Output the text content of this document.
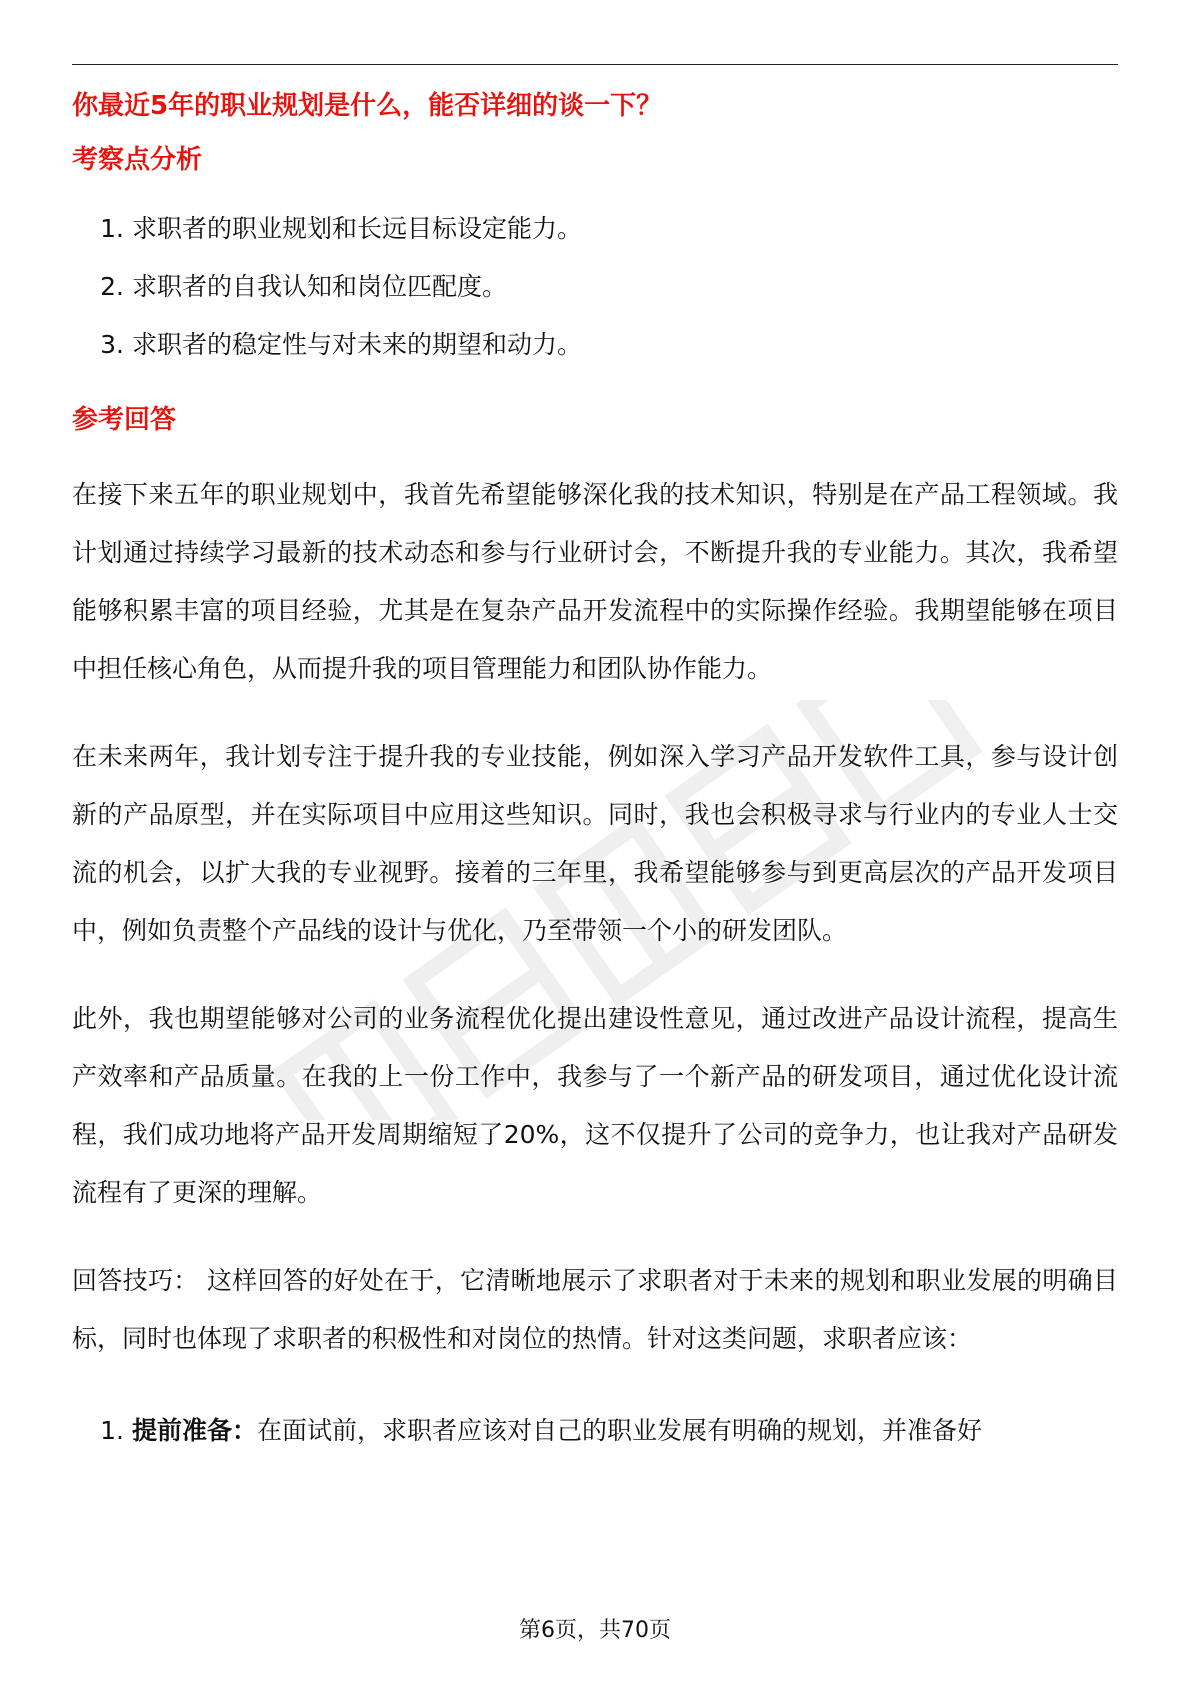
你最近5年的职业规划是什么，能否详细的谈一下？
考察点分析
1. 求职者的职业规划和长远目标设定能力。
2. 求职者的自我认知和岗位匹配度。
3. 求职者的稳定性与对未来的期望和动力。
参考回答

在接下来五年的职业规划中，我首先希望能够深化我的技术知识，特别是在产品工程领域。我计划通过持续学习最新的技术动态和参与行业研讨会，不断提升我的专业能力。其次，我希望能够积累丰富的项目经验，尤其是在复杂产品开发流程中的实际操作经验。我期望能够在项目中担任核心角色，从而提升我的项目管理能力和团队协作能力。

在未来两年，我计划专注于提升我的专业技能，例如深入学习产品开发软件工具，参与设计创新的产品原型，并在实际项目中应用这些知识。同时，我也会积极寻求与行业内的专业人士交流的机会，以扩大我的专业视野。接着的三年里，我希望能够参与到更高层次的产品开发项目中，例如负责整个产品线的设计与优化，乃至带领一个小的研发团队。

此外，我也期望能够对公司的业务流程优化提出建设性意见，通过改进产品设计流程，提高生产效率和产品质量。在我的上一份工作中，我参与了一个新产品的研发项目，通过优化设计流程，我们成功地将产品开发周期缩短了20%，这不仅提升了公司的竞争力，也让我对产品研发流程有了更深的理解。

回答技巧： 这样回答的好处在于，它清晰地展示了求职者对于未来的规划和职业发展的明确目标，同时也体现了求职者的积极性和对岗位的热情。针对这类问题，求职者应该：

1. 提前准备：在面试前，求职者应该对自己的职业发展有明确的规划，并准备好
第6页，共70页
